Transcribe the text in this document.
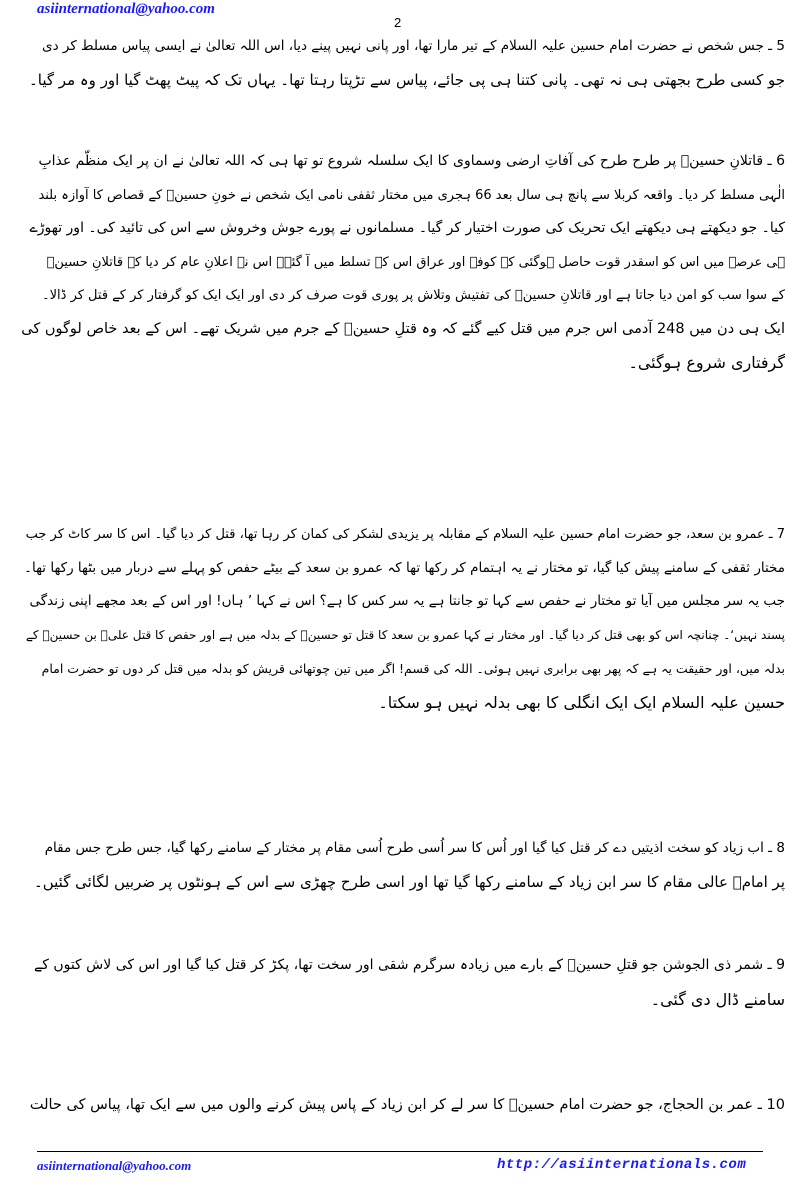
asiinternational@yahoo.com
2
5 ـ جس شخص نے حضرت امام حسین علیہ السلام کے تیر مارا تھا، اور پانی نہیں پینے دیا، اس اللہ تعالیٰ نے ایسی پیاس مسلط کر دی
جو کسی طرح بجھتی ہی نہ تھی۔ پانی کتنا ہی پی جائے، پیاس سے تڑپتا رہتا تھا۔ یہاں تک کہ پیٹ پھٹ گیا اور وہ مر گیا۔
6 ـ قاتلانِ حسینؓ پر طرح طرح کی آفاتِ ارضی وسماوی کا ایک سلسلہ شروع تو تھا ہی کہ اللہ تعالیٰ نے ان پر ایک منظّم عذابِ
الٰہی مسلط کر دیا۔ واقعہ کربلا سے پانچ ہی سال بعد 66 ہجری میں مختار ثقفی نامی ایک شخص نے خونِ حسینؓ کے قصاص کا آوازہ بلند
کیا۔ جو دیکھتے ہی دیکھتے ایک تحریک کی صورت اختیار کر گیا۔ مسلمانوں نے پورے جوش وخروش سے اس کی تائید کی۔ اور تھوڑے
ہی عرصے میں اس کو اسقدر قوت حاصل ہوگئی کہ کوفہ اور عراق اس کے تسلط میں آ گئے۔ اس نے اعلانِ عام کر دیا کہ قاتلانِ حسینؓ
کے سوا سب کو امن دیا جاتا ہے اور قاتلانِ حسینؓ کی تفتیش وتلاش پر پوری قوت صرف کر دی اور ایک ایک کو گرفتار کر کے قتل کر ڈالا۔
ایک ہی دن میں 248 آدمی اس جرم میں قتل کیے گئے کہ وہ قتلِ حسینؓ کے جرم میں شریک تھے۔ اس کے بعد خاص لوگوں کی
گرفتاری شروع ہوگئی۔
7 ـ عمرو بن سعد، جو حضرت امام حسین علیہ السلام کے مقابلہ پر یزیدی لشکر کی کمان کر رہا تھا، قتل کر دیا گیا۔ اس کا سر کاٹ کر جب
مختار ثقفی کے سامنے پیش کیا گیا، تو مختار نے یہ اہتمام کر رکھا تھا کہ عمرو بن سعد کے بیٹے حفص کو پہلے سے دربار میں بٹھا رکھا تھا۔
جب یہ سر مجلس میں آیا تو مختار نے حفص سے کہا تو جانتا ہے یہ سر کس کا ہے؟ اس نے کہا ’ ہاں! اور اس کے بعد مجھے اپنی زندگی
پسند نہیں‘۔ چنانچہ اس کو بھی قتل کر دیا گیا۔ اور مختار نے کہا عمرو بن سعد کا قتل تو حسینؓ کے بدلہ میں ہے اور حفص کا قتل علیؓ بن حسینؓ کے
بدلہ میں، اور حقیقت یہ ہے کہ پھر بھی برابری نہیں ہوئی۔ اللہ کی قسم! اگر میں تین چوتھائی قریش کو بدلہ میں قتل کر دوں تو حضرت امام
حسین علیہ السلام ایک ایک انگلی کا بھی بدلہ نہیں ہو سکتا۔
8 ـ اب زیاد کو سخت اذیتیں دے کر قتل کیا گیا اور اُس کا سر اُسی طرح اُسی مقام پر مختار کے سامنے رکھا گیا، جس طرح جس مقام
پر امامؓ عالی مقام کا سر ابن زیاد کے سامنے رکھا گیا تھا اور اسی طرح چھڑی سے اس کے ہونٹوں پر ضربیں لگائی گئیں۔
9 ـ شمر ذی الجوشن جو قتلِ حسینؓ کے بارے میں زیادہ سرگرم شقی اور سخت تھا، پکڑ کر قتل کیا گیا اور اس کی لاش کتوں کے
سامنے ڈال دی گئی۔
10 ـ عمر بن الحجاج، جو حضرت امام حسینؓ کا سر لے کر ابن زیاد کے پاس پیش کرنے والوں میں سے ایک تھا، پیاس کی حالت
asiinternational@yahoo.com	http://asiinternationals.com
